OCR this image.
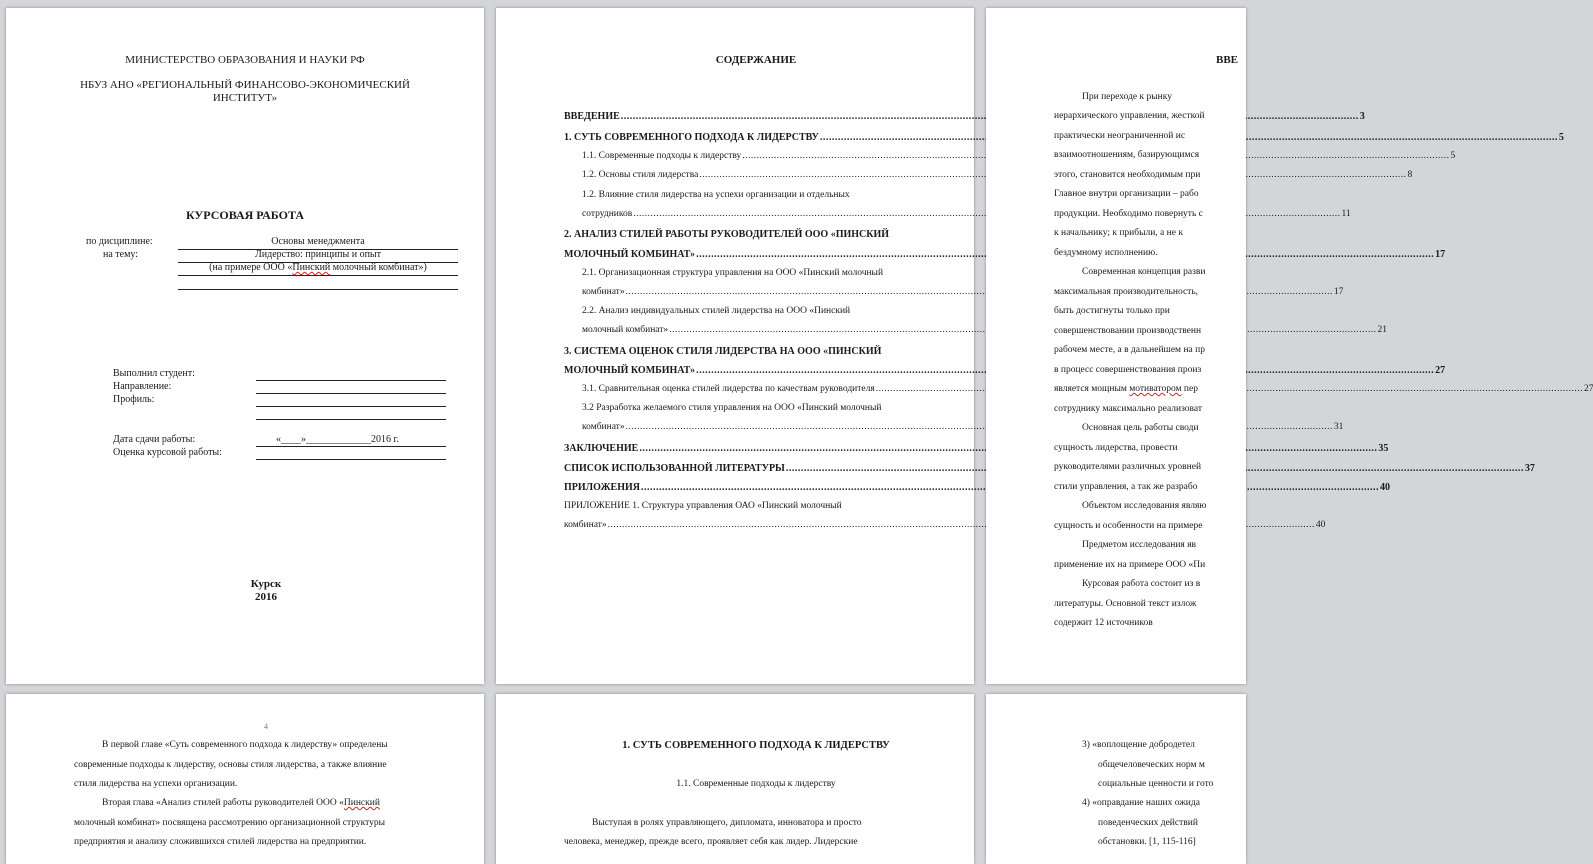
МИНИСТЕРСТВО ОБРАЗОВАНИЯ И НАУКИ РФ
НБУЗ АНО «РЕГИОНАЛЬНЫЙ ФИНАНСОВО-ЭКОНОМИЧЕСКИЙ
ИНСТИТУТ»
КУРСОВАЯ РАБОТА
по дисциплине:	Основы менеджмента
на тему:	Лидерство: принципы и опыт
(на примере ООО «Пинский молочный комбинат»)
Выполнил студент:
Направление:
Профиль:
Дата сдачи работы:	«____»_____________2016 г.
Оценка курсовой работы:
Курск
2016
СОДЕРЖАНИЕ
ВВЕДЕНИЕ .....	3
1. СУТЬ СОВРЕМЕННОГО ПОДХОДА К ЛИДЕРСТВУ .....	5
1.1. Современные подходы к лидерству .....	5
1.2. Основы стиля лидерства .....	8
1.2. Влияние стиля лидерства на успехи организации и отдельных
сотрудников .....	11
2. АНАЛИЗ СТИЛЕЙ РАБОТЫ РУКОВОДИТЕЛЕЙ ООО «ПИНСКИЙ
МОЛОЧНЫЙ КОМБИНАТ» .....	17
2.1. Организационная структура управления на ООО «Пинский молочный
комбинат» .....	17
2.2. Анализ индивидуальных стилей лидерства на ООО «Пинский
молочный комбинат» .....	21
3. СИСТЕМА ОЦЕНОК СТИЛЯ ЛИДЕРСТВА НА ООО «ПИНСКИЙ
МОЛОЧНЫЙ КОМБИНАТ» .....	27
3.1. Сравнительная оценка стилей лидерства по качествам руководителя .....	27
3.2 Разработка желаемого стиля управления на ООО «Пинский молочный
комбинат» .....	31
ЗАКЛЮЧЕНИЕ .....	35
СПИСОК ИСПОЛЬЗОВАННОЙ ЛИТЕРАТУРЫ .....	37
ПРИЛОЖЕНИЯ .....	40
ПРИЛОЖЕНИЕ 1. Структура управления ОАО «Пинский молочный
комбинат» .....	40
ВВЕ
При переходе к рынку
иерархического управления, жесткой
практически неограниченной ис
взаимоотношениям, базирующимся
этого, становится необходимым при
Главное внутри организации – рабо
продукции. Необходимо повернуть с
к начальнику; к прибыли, а не к
бездумному исполнению.
Современная концепция разви
максимальная производительность,
быть достигнуты только при
совершенствовании производственн
рабочем месте, а в дальнейшем на пр
в процесс совершенствования произ
является мощным мотиватором пер
сотруднику максимально реализоват
Основная цель работы своди
сущность лидерства, провести
руководителями различных уровней
стили управления, а так же разрабо
Объектом исследования являю
сущность и особенности на примере
Предметом исследования яв
применение их на примере ООО «Пи
Курсовая работа состоит из в
литературы. Основной текст излож
содержит 12 источников
4
В первой главе «Суть современного подхода к лидерству» определены
современные подходы к лидерству, основы стиля лидерства, а также влияние
стиля лидерства на успехи организации.
Вторая глава «Анализ стилей работы руководителей ООО «Пинский
молочный комбинат» посвящена рассмотрению организационной структуры
предприятия и анализу сложившихся стилей лидерства на предприятии.
1. СУТЬ СОВРЕМЕННОГО ПОДХОДА К ЛИДЕРСТВУ
1.1. Современные подходы к лидерству
Выступая в ролях управляющего, дипломата, инноватора и просто
человека, менеджер, прежде всего, проявляет себя как лидер. Лидерские
3) «воплощение добродетел
общечеловеческих норм м
социальные ценности и гото
4) «оправдание наших ожида
поведенческих действий
обстановки. [1, 115-116]
